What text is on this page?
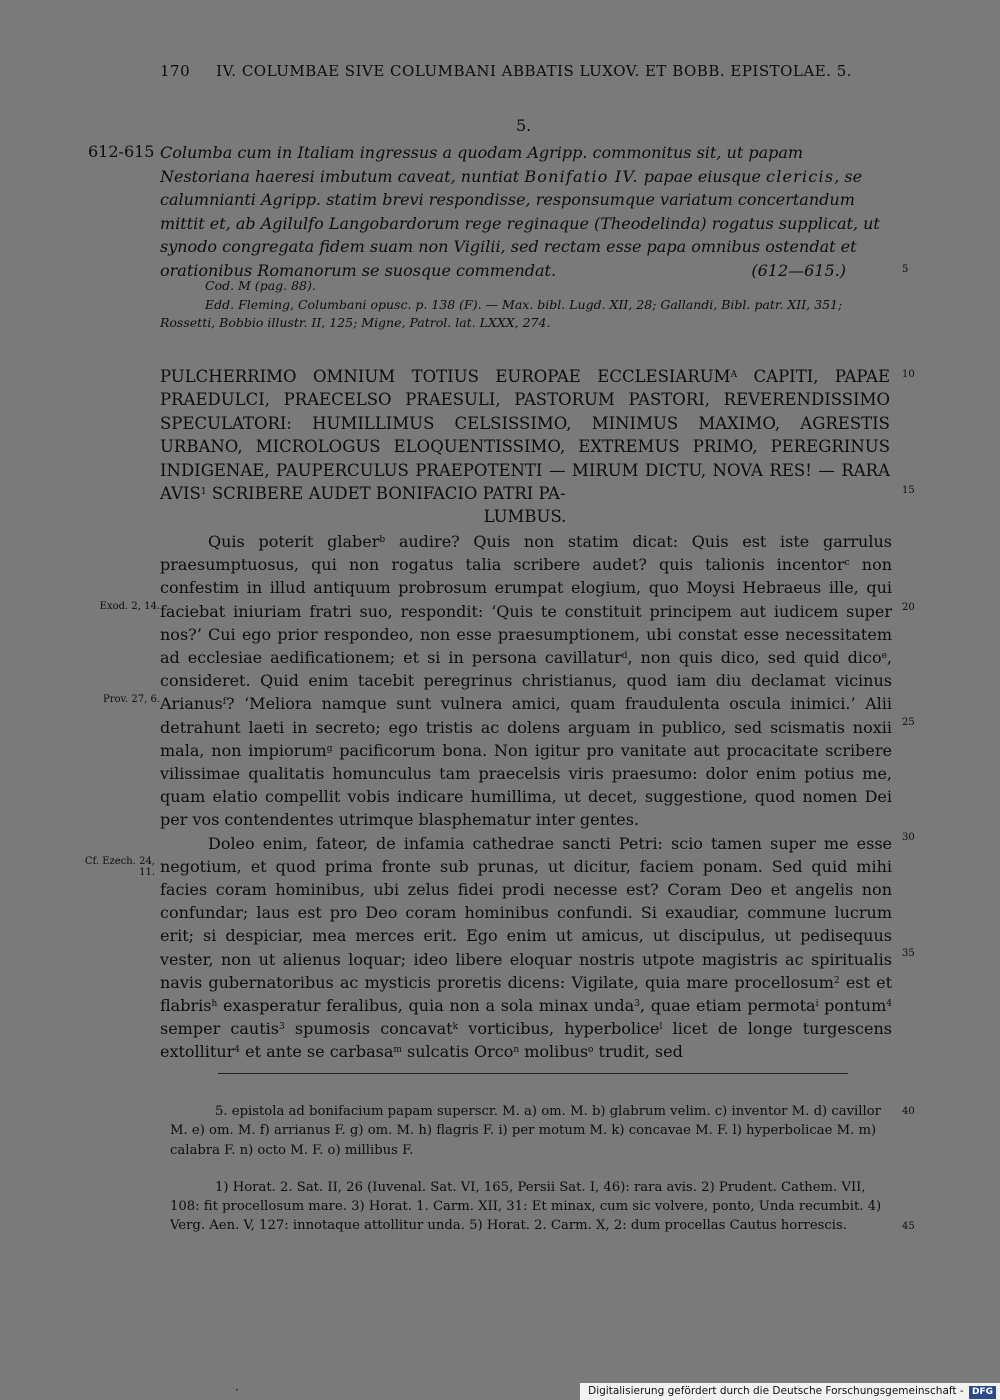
170 IV. COLUMBAE SIVE COLUMBANI ABBATIS LUXOV. ET BOBB. EPISTOLAE. 5.
5.
612-615 Columba cum in Italiam ingressus a quodam Agripp. commonitus sit, ut papam Nestoriana haeresi imbutum caveat, nuntiat Bonifatio IV. papae eiusque clericis, se calumnianti Agripp. statim brevi respondisse, responsumque variatum concertandum mittit et, ab Agilulfo Langobardorum rege reginaque (Theodelinda) rogatus supplicat, ut synodo congregata fidem suam non Vigilii, sed rectam esse papa omnibus ostendat et orationibus Romanorum se suosque commendat.	(612—615.)
Cod. M (pag. 88).
Edd. Fleming, Columbani opusc. p. 138 (F). — Max. bibl. Lugd. XII, 28; Gallandi, Bibl. patr. XII, 351; Rossetti, Bobbio illustr. II, 125; Migne, Patrol. lat. LXXX, 274.
PULCHERRIMO OMNIUM TOTIUS EUROPAE $ECCLESIARUM^A$ CAPITI, PAPAE PRAEDULCI, PRAECELSO PRAESULI, PASTORUM PASTORI, REVERENDISSIMO SPECULATORI: HUMILLIMUS CELSISSIMO, MINIMUS MAXIMO, AGRESTIS URBANO, MICROLOGUS ELOQUENTISSIMO, EXTREMUS PRIMO, PEREGRINUS INDIGENAE, PAUPERCULUS PRAEPOTENTI — MIRUM DICTU, NOVA RES! — RARA AVIS$^1$ SCRIBERE AUDET BONIFACIO PATRI PA-
LUMBUS.

Quis poterit glaber$^b$ audire? Quis non statim dicat: Quis est iste garrulus praesumptuosus, qui non rogatus talia scribere audet? quis talionis incentor$^c$ non confestim in illud antiquum probrosum erumpat elogium, quo Moysi Hebraeus ille, qui faciebat iniuriam fratri suo, respondit: ‘Quis te constituit principem aut iudicem super nos?’ Cui ego prior respondeo, non esse praesumptionem, ubi constat esse necessitatem ad ecclesiae aedificationem; et si in persona cavillatur$^d$, non quis dico, sed quid dico$^e$, consideret. Quid enim tacebit peregrinus christianus, quod iam diu declamat vicinus Arianus$^f$? ‘Meliora namque sunt vulnera amici, quam fraudulenta oscula inimici.’ Alii detrahunt laeti in secreto; ego tristis ac dolens arguam in publico, sed scismatis noxii mala, non impiorum$^g$ pacificorum bona. Non igitur pro vanitate aut procacitate scribere vilissimae qualitatis homunculus tam praecelsis viris praesumo: dolor enim potius me, quam elatio compellit vobis indicare humillima, ut decet, suggestione, quod nomen Dei per vos contendentes utrimque blasphematur inter gentes.

Doleo enim, fateor, de infamia cathedrae sancti Petri: scio tamen super me esse negotium, et quod prima fronte sub prunas, ut dicitur, faciem ponam. Sed quid mihi facies coram hominibus, ubi zelus fidei prodi necesse est? Coram Deo et angelis non confundar; laus est pro Deo coram hominibus confundi. Si exaudiar, commune lucrum erit; si despiciar, mea merces erit. Ego enim ut amicus, ut discipulus, ut pedisequus vester, non ut alienus loquar; ideo libere eloquar nostris utpote magistris ac spiritualis navis gubernatoribus ac mysticis proretis dicens: Vigilate, quia mare procellosum$^2$ est et flabris$^h$ exasperatur feralibus, quia non a sola minax unda$^3$, quae etiam permota$^i$ pontum$^4$ semper cautis$^3$ spumosis concavat$^k$ vorticibus, hyperbolice$^l$ licet de longe turgescens extollitur$^4$ et ante se carbasa$^m$ sulcatis Orco$^n$ molibus$^o$ trudit, sed

Exod. 2, 14.
Prov. 27, 6.
Cf. Ezech. 24, 11.
5
10
15
20
25
30
35
40
45

5. epistola ad bonifacium papam superscr. M. a) om. M. b) glabrum velim. c) inventor M. d) cavillor M. e) om. M. f) arrianus F. g) om. M. h) flagris F. i) per motum M. k) concavae M. F. l) hyperbolicae M. m) calabra F. n) octo M. F. o) millibus F.

1) Horat. 2. Sat. II, 26 (Iuvenal. Sat. VI, 165, Persii Sat. I, 46): rara avis. 2) Prudent. Cathem. VII, 108: fit procellosum mare. 3) Horat. 1. Carm. XII, 31: Et minax, cum sic volvere, ponto, Unda recumbit. 4) Verg. Aen. V, 127: innotaque attollitur unda. 5) Horat. 2. Carm. X, 2: dum procellas Cautus horrescis.

·	Digitalisierung gefördert durch die Deutsche Forschungsgemeinschaft - DFG
